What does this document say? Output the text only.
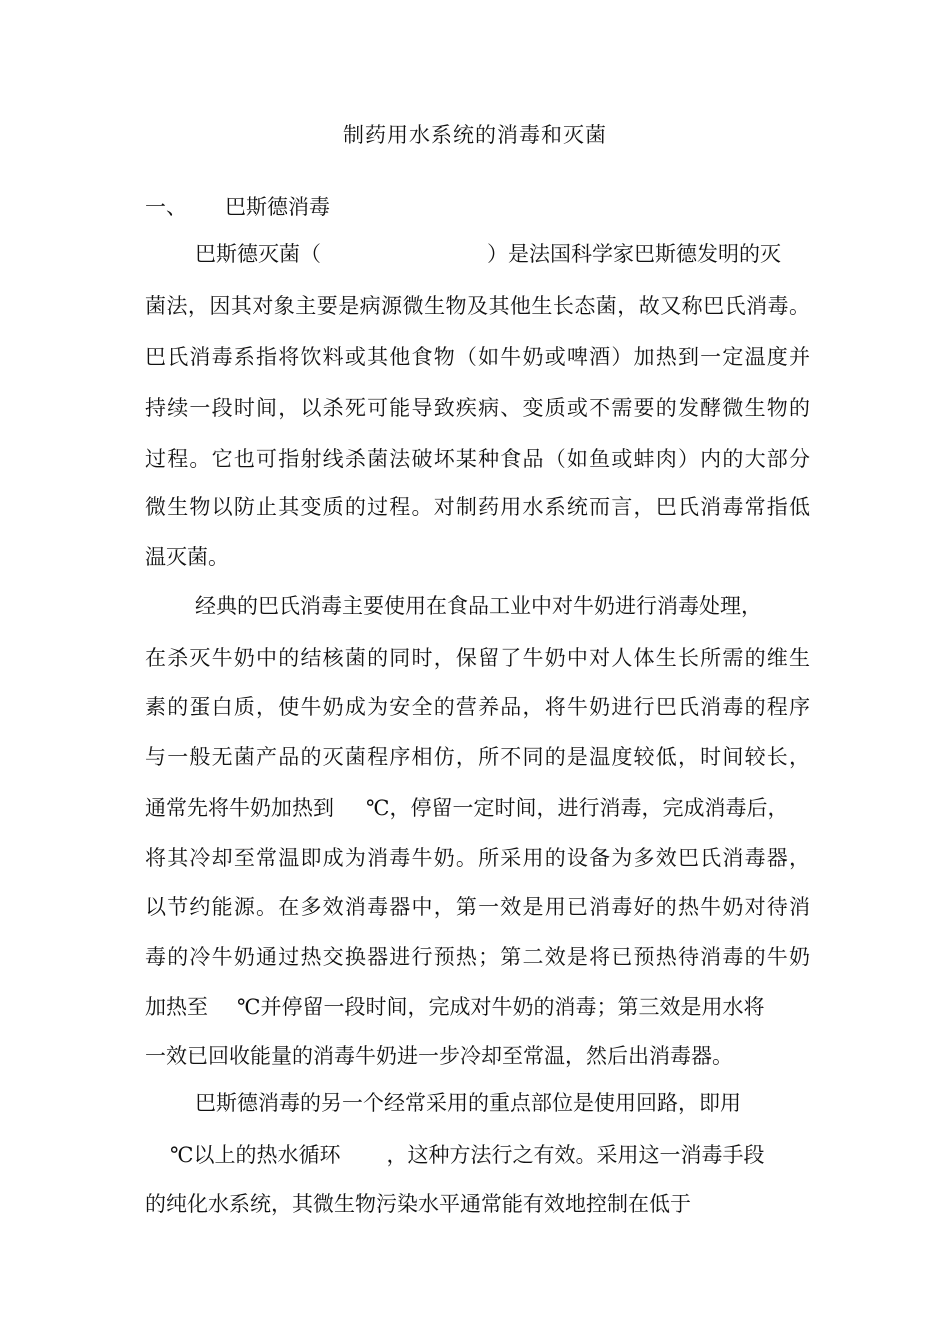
制药用水系统的消毒和灭菌
一、 巴斯德消毒
巴斯德灭菌（	）是法国科学家巴斯德发明的灭
菌法，因其对象主要是病源微生物及其他生长态菌，故又称巴氏消毒。
巴氏消毒系指将饮料或其他食物（如牛奶或啤酒）加热到一定温度并
持续一段时间，以杀死可能导致疾病、变质或不需要的发酵微生物的
过程。它也可指射线杀菌法破坏某种食品（如鱼或蚌肉）内的大部分
微生物以防止其变质的过程。对制药用水系统而言，巴氏消毒常指低
温灭菌。
经典的巴氏消毒主要使用在食品工业中对牛奶进行消毒处理，
在杀灭牛奶中的结核菌的同时，保留了牛奶中对人体生长所需的维生
素的蛋白质，使牛奶成为安全的营养品，将牛奶进行巴氏消毒的程序
与一般无菌产品的灭菌程序相仿，所不同的是温度较低，时间较长，
通常先将牛奶加热到 ℃，停留一定时间，进行消毒，完成消毒后，
将其冷却至常温即成为消毒牛奶。所采用的设备为多效巴氏消毒器，
以节约能源。在多效消毒器中，第一效是用已消毒好的热牛奶对待消
毒的冷牛奶通过热交换器进行预热；第二效是将已预热待消毒的牛奶
加热至 ℃并停留一段时间，完成对牛奶的消毒；第三效是用水将
一效已回收能量的消毒牛奶进一步冷却至常温，然后出消毒器。
巴斯德消毒的另一个经常采用的重点部位是使用回路，即用
℃以上的热水循环 ，这种方法行之有效。采用这一消毒手段
的纯化水系统，其微生物污染水平通常能有效地控制在低于
